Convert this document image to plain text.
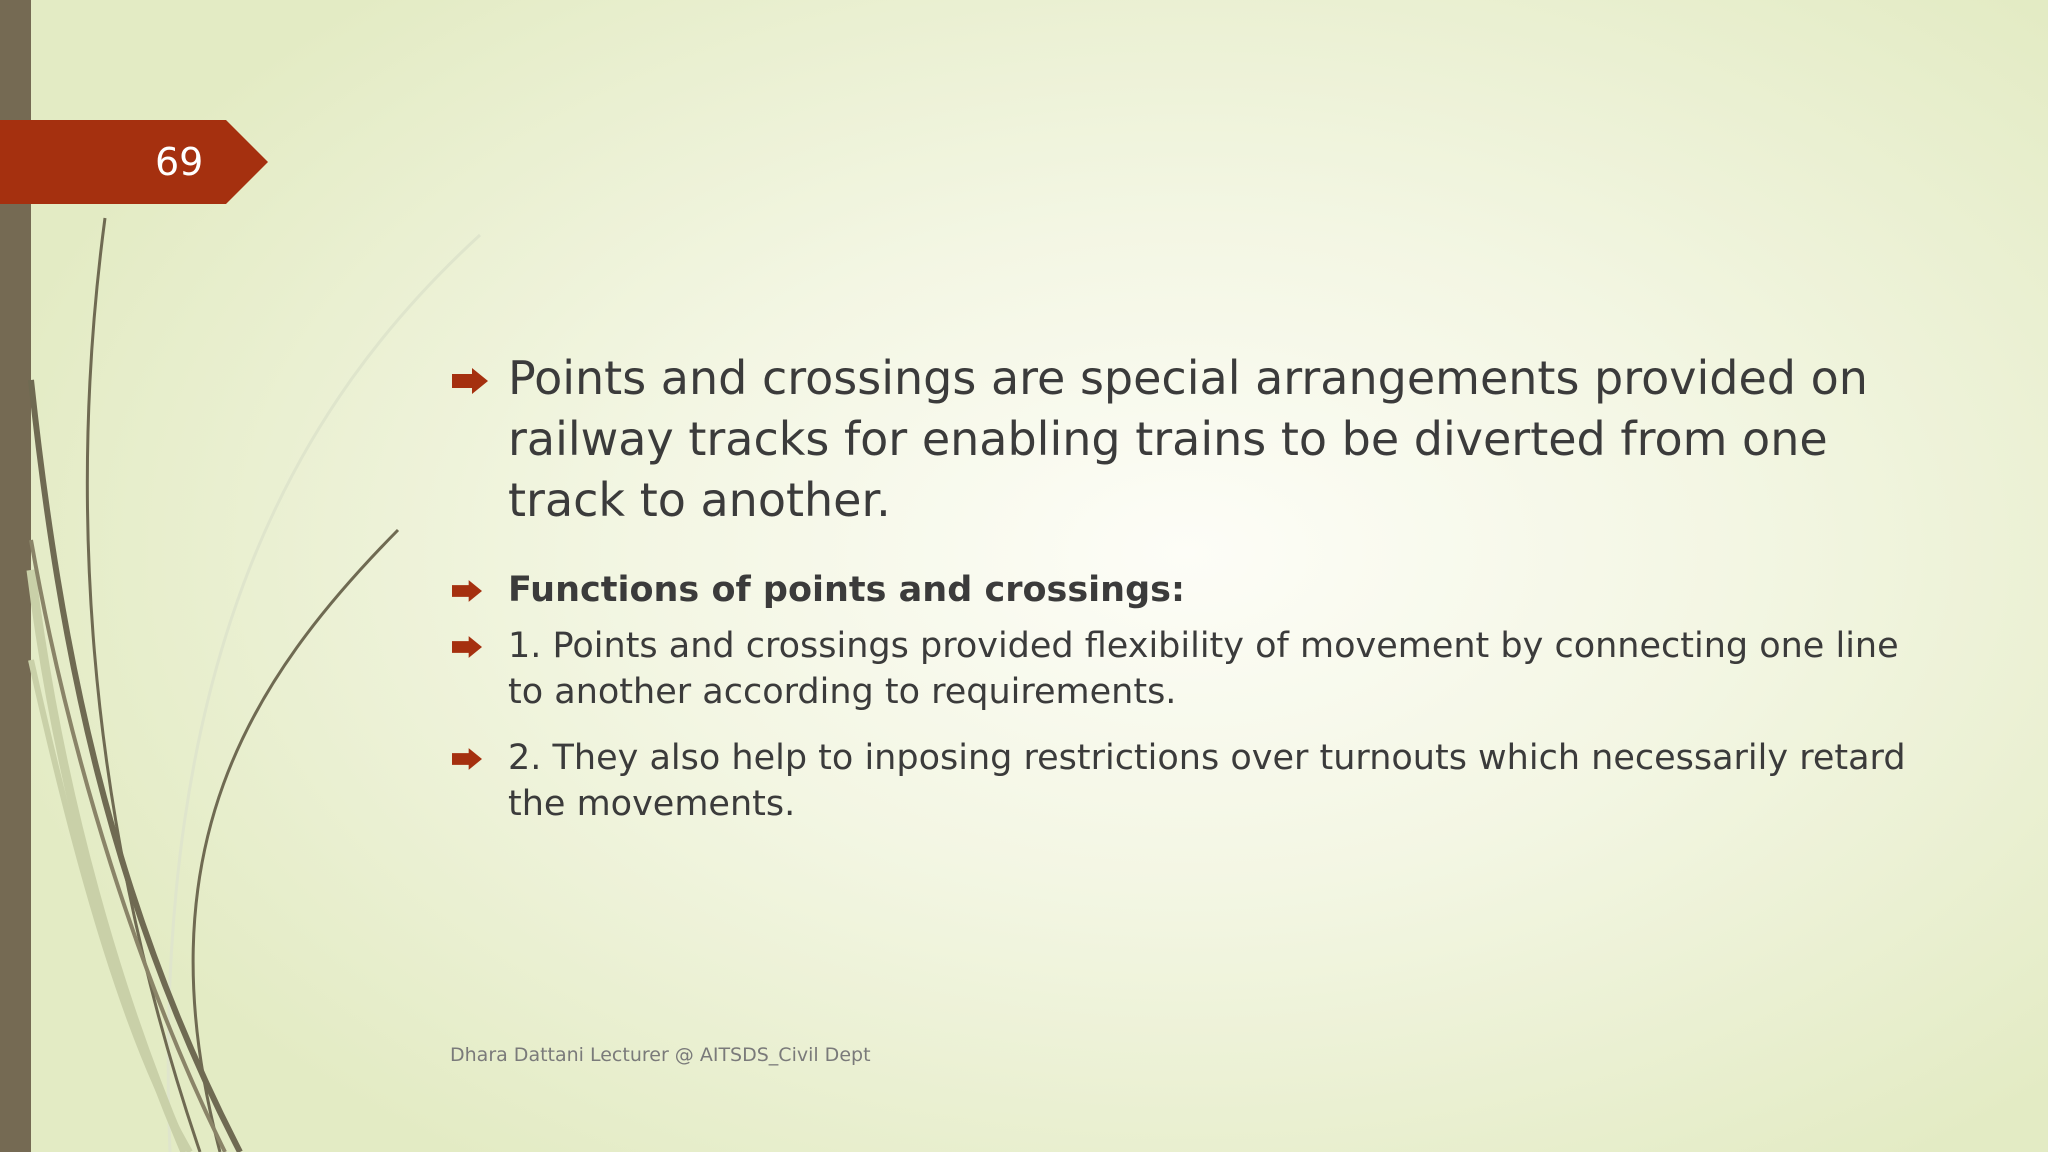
69
Points and crossings are special arrangements provided on railway tracks for enabling trains to be diverted from one track to another.
Functions of points and crossings:
1. Points and crossings provided flexibility of movement by connecting one line to another according to requirements.
2. They also help to inposing restrictions over turnouts which necessarily retard the movements.
Dhara Dattani Lecturer @ AITSDS_Civil Dept
